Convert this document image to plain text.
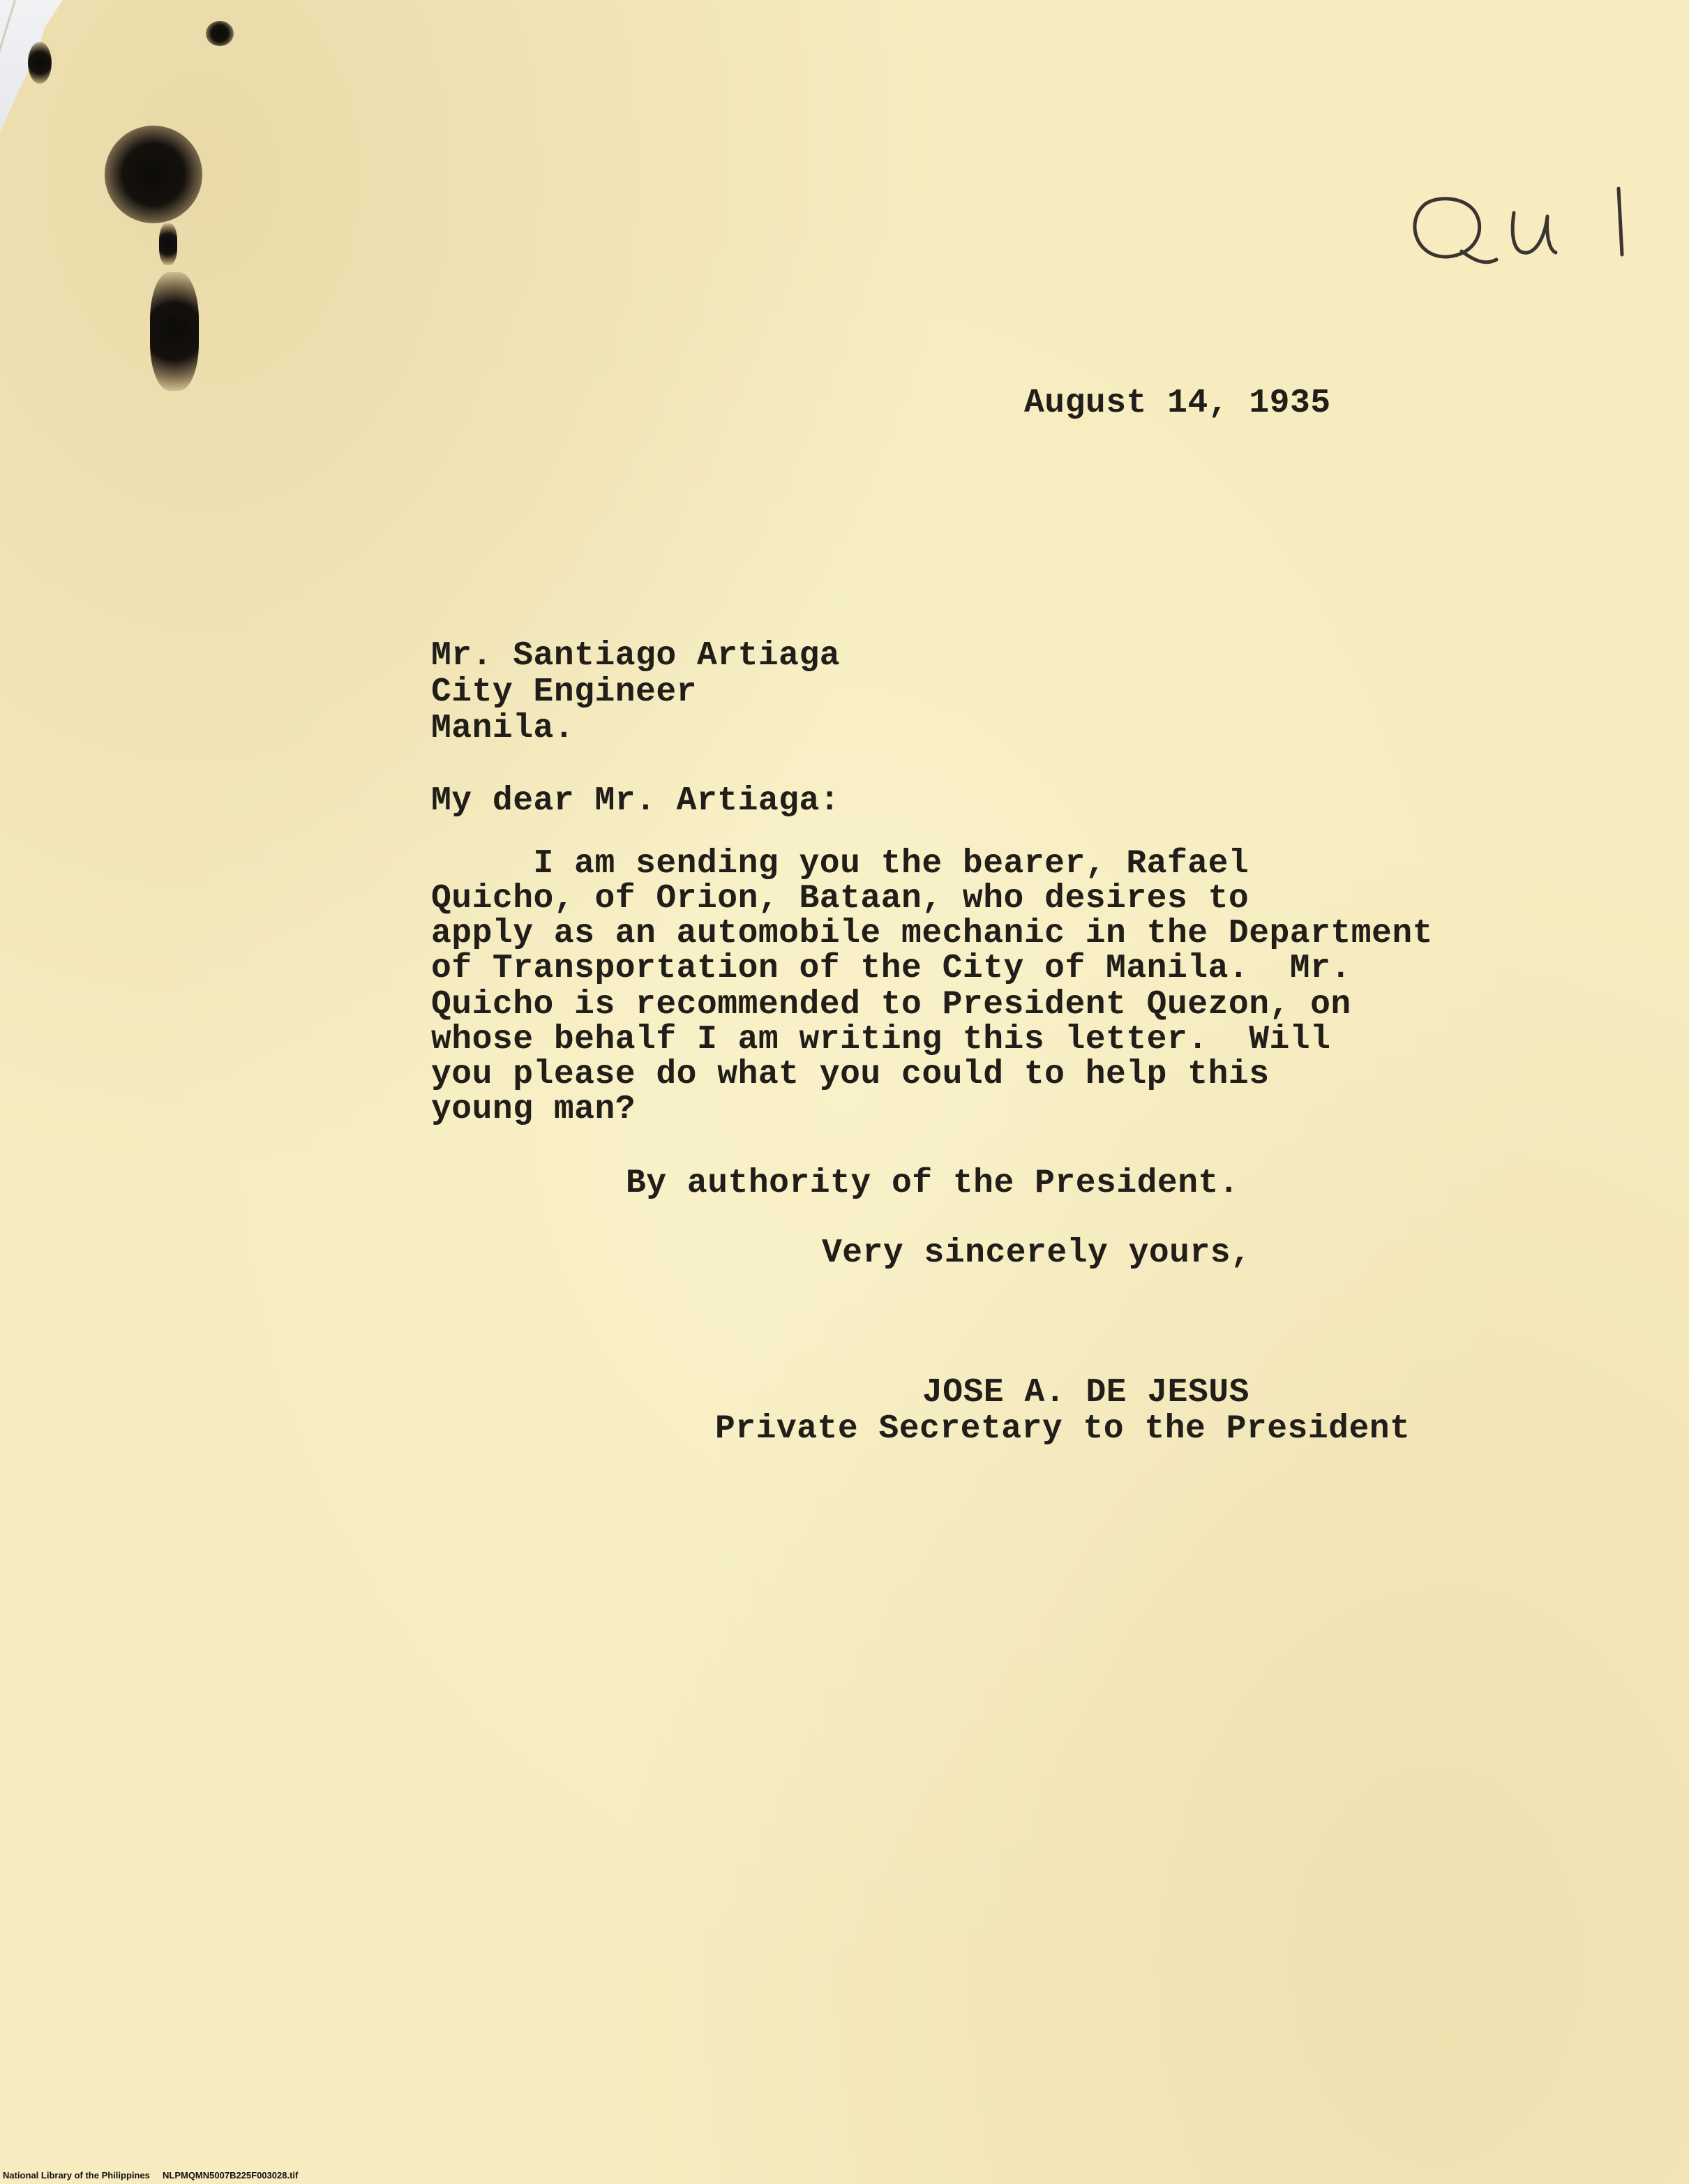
August 14, 1935
Mr. Santiago Artiaga
City Engineer
Manila.
My dear Mr. Artiaga:
I am sending you the bearer, Rafael
Quicho, of Orion, Bataan, who desires to
apply as an automobile mechanic in the Department
of Transportation of the City of Manila.  Mr.
Quicho is recommended to President Quezon, on
whose behalf I am writing this letter.  Will
you please do what you could to help this
young man?
By authority of the President.
Very sincerely yours,
JOSE A. DE JESUS
Private Secretary to the President
National Library of the Philippines NLPMQMN5007B225F003028.tif
